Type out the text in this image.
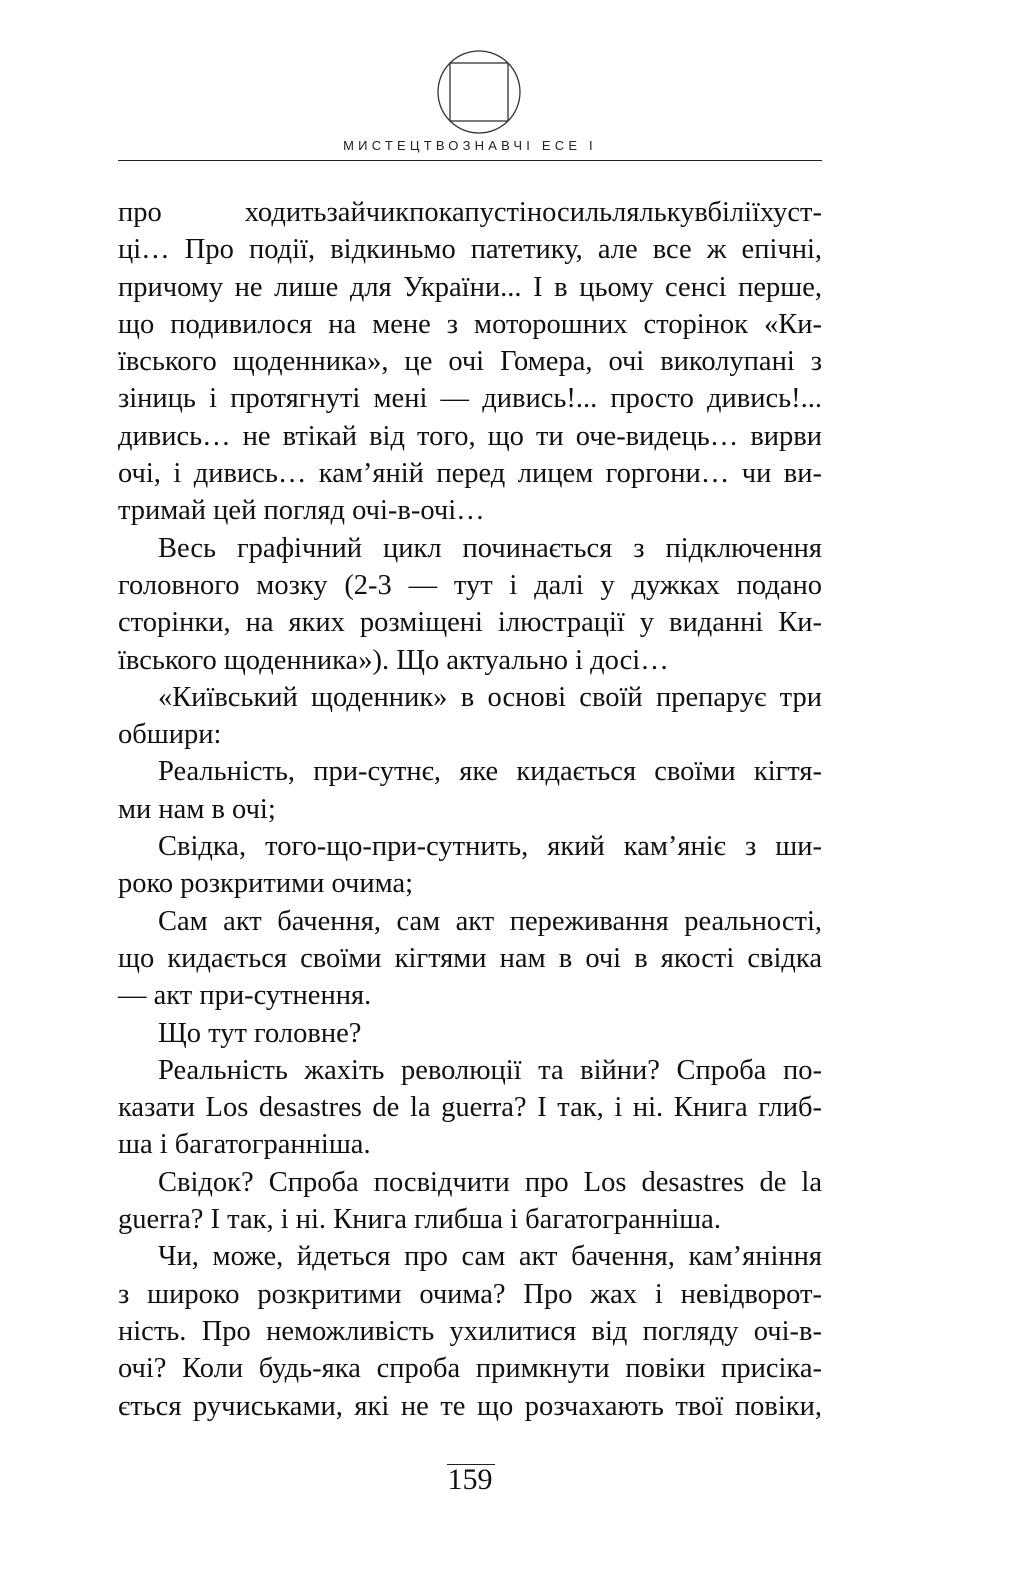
МИСТЕЦТВОЗНАВЧІ ЕСЕ І
про ходитьзайчикпокапустіносильлялькувбіліїхуст-
ці… Про події, відкиньмо патетику, але все ж епічні,
причому не лише для України... І в цьому сенсі перше,
що подивилося на мене з моторошних сторінок «Ки-
ївського щоденника», це очі Гомера, очі виколупані з
зіниць і протягнуті мені — дивись!... просто дивись!...
дивись… не втікай від того, що ти оче-видець… вирви
очі, і дивись… кам’яній перед лицем горгони… чи ви-
тримай цей погляд очі-в-очі…
Весь графічний цикл починається з підключення
головного мозку (2-3 — тут і далі у дужках подано
сторінки, на яких розміщені ілюстрації у виданні Ки-
ївського щоденника»). Що актуально і досі…
«Київський щоденник» в основі своїй препарує три
обшири:
Реальність, при-сутнє, яке кидається своїми кігтя-
ми нам в очі;
Свідка, того-що-при-сутнить, який кам’яніє з ши-
роко розкритими очима;
Сам акт бачення, сам акт переживання реальності,
що кидається своїми кігтями нам в очі в якості свідка
— акт при-сутнення.
Що тут головне?
Реальність жахіть революції та війни? Спроба по-
казати Los desastres de la guerra? І так, і ні. Книга глиб-
ша і багатогранніша.
Свідок? Спроба посвідчити про Los desastres de la
guerra? І так, і ні. Книга глибша і багатогранніша.
Чи, може, йдеться про сам акт бачення, кам’яніння
з широко розкритими очима? Про жах і невідворот-
ність. Про неможливість ухилитися від погляду очі-в-
очі? Коли будь-яка спроба примкнути повіки присіка-
ється ручиськами, які не те що розчахають твої повіки,
159
